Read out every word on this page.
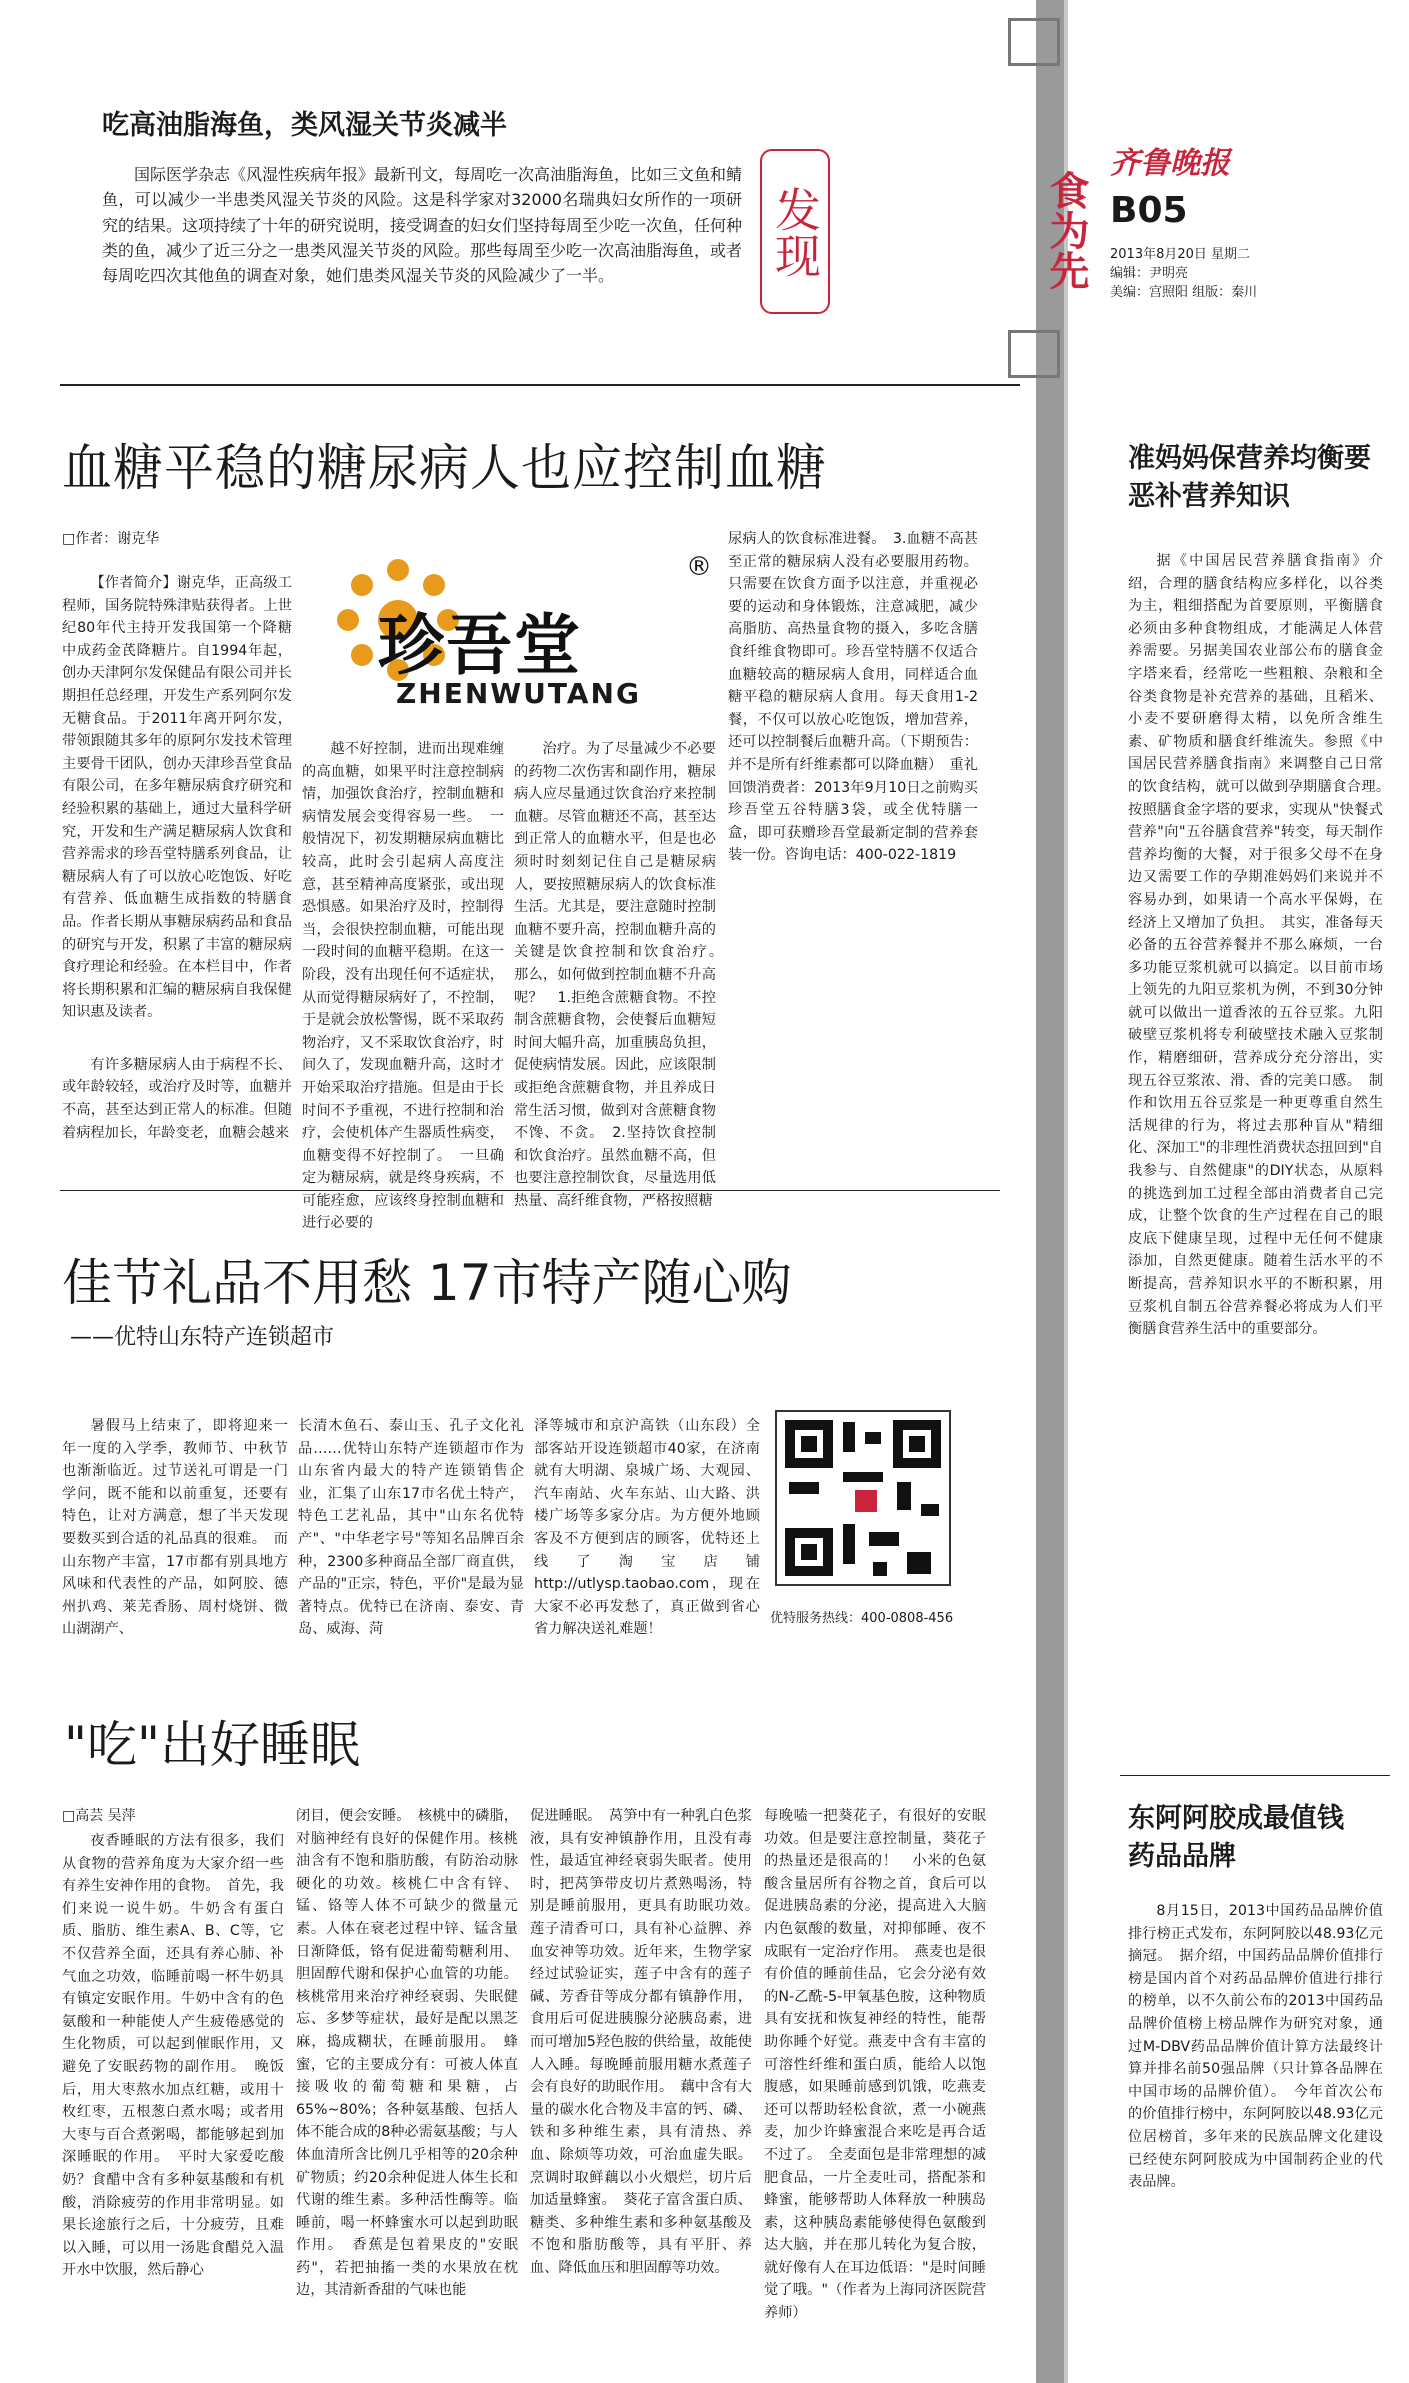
食为先
齐鲁晚报
B05
2013年8月20日 星期二
编辑：尹明亮
美编：宫照阳 组版：秦川
吃高油脂海鱼，类风湿关节炎减半
发现

国际医学杂志《风湿性疾病年报》最新刊文，每周吃一次高油脂海鱼，比如三文鱼和鲭鱼，可以减少一半患类风湿关节炎的风险。这是科学家对32000名瑞典妇女所作的一项研究的结果。这项持续了十年的研究说明，接受调查的妇女们坚持每周至少吃一次鱼，任何种类的鱼，减少了近三分之一患类风湿关节炎的风险。那些每周至少吃一次高油脂海鱼，或者每周吃四次其他鱼的调查对象，她们患类风湿关节炎的风险减少了一半。

血糖平稳的糖尿病人也应控制血糖
□作者：谢克华
珍吾堂
ZHENWUTANG
®

【作者简介】谢克华，正高级工程师，国务院特殊津贴获得者。上世纪80年代主持开发我国第一个降糖中成药金芪降糖片。自1994年起，创办天津阿尔发保健品有限公司并长期担任总经理，开发生产系列阿尔发无糖食品。于2011年离开阿尔发，带领跟随其多年的原阿尔发技术管理主要骨干团队，创办天津珍吾堂食品有限公司，在多年糖尿病食疗研究和经验积累的基础上，通过大量科学研究，开发和生产满足糖尿病人饮食和营养需求的珍吾堂特膳系列食品，让糖尿病人有了可以放心吃饱饭、好吃有营养、低血糖生成指数的特膳食品。作者长期从事糖尿病药品和食品的研究与开发，积累了丰富的糖尿病食疗理论和经验。在本栏目中，作者将长期积累和汇编的糖尿病自我保健知识惠及读者。

有许多糖尿病人由于病程不长、或年龄较轻，或治疗及时等，血糖并不高，甚至达到正常人的标准。但随着病程加长，年龄变老，血糖会越来

越不好控制，进而出现难缠的高血糖，如果平时注意控制病情，加强饮食治疗，控制血糖和病情发展会变得容易一些。　一般情况下，初发期糖尿病血糖比较高，此时会引起病人高度注意，甚至精神高度紧张，或出现恐惧感。如果治疗及时，控制得当，会很快控制血糖，可能出现一段时间的血糖平稳期。在这一阶段，没有出现任何不适症状，从而觉得糖尿病好了，不控制，于是就会放松警惕，既不采取药物治疗，又不采取饮食治疗，时间久了，发现血糖升高，这时才开始采取治疗措施。但是由于长时间不予重视，不进行控制和治疗，会使机体产生器质性病变，血糖变得不好控制了。　一旦确定为糖尿病，就是终身疾病，不可能痊愈，应该终身控制血糖和进行必要的

治疗。为了尽量减少不必要的药物二次伤害和副作用，糖尿病人应尽量通过饮食治疗来控制血糖。尽管血糖还不高，甚至达到正常人的血糖水平，但是也必须时时刻刻记住自己是糖尿病人，要按照糖尿病人的饮食标准生活。尤其是，要注意随时控制血糖不要升高，控制血糖升高的关键是饮食控制和饮食治疗。　那么，如何做到控制血糖不升高呢？　1.拒绝含蔗糖食物。不控制含蔗糖食物，会使餐后血糖短时间大幅升高，加重胰岛负担，促使病情发展。因此，应该限制或拒绝含蔗糖食物，并且养成日常生活习惯，做到对含蔗糖食物不馋、不贪。　2.坚持饮食控制和饮食治疗。虽然血糖不高，但也要注意控制饮食，尽量选用低热量、高纤维食物，严格按照糖

尿病人的饮食标准进餐。　3.血糖不高甚至正常的糖尿病人没有必要服用药物。只需要在饮食方面予以注意，并重视必要的运动和身体锻炼，注意减肥，减少高脂肪、高热量食物的摄入，多吃含膳食纤维食物即可。珍吾堂特膳不仅适合血糖较高的糖尿病人食用，同样适合血糖平稳的糖尿病人食用。每天食用1-2餐，不仅可以放心吃饱饭，增加营养，还可以控制餐后血糖升高。（下期预告：并不是所有纤维素都可以降血糖）　重礼回馈消费者：2013年9月10日之前购买珍吾堂五谷特膳3袋，或全优特膳一盒，即可获赠珍吾堂最新定制的营养套装一份。咨询电话：400-022-1819

佳节礼品不用愁 17市特产随心购
——优特山东特产连锁超市

暑假马上结束了，即将迎来一年一度的入学季，教师节、中秋节也渐渐临近。过节送礼可谓是一门学问，既不能和以前重复，还要有特色，让对方满意，想了半天发现要数买到合适的礼品真的很难。　而山东物产丰富，17市都有别具地方风味和代表性的产品，如阿胶、德州扒鸡、莱芜香肠、周村烧饼、微山湖湖产、

长清木鱼石、泰山玉、孔子文化礼品……优特山东特产连锁超市作为山东省内最大的特产连锁销售企业，汇集了山东17市名优土特产，特色工艺礼品，其中"山东名优特产"、"中华老字号"等知名品牌百余种，2300多种商品全部厂商直供，产品的"正宗，特色，平价"是最为显著特点。优特已在济南、泰安、青岛、威海、菏

泽等城市和京沪高铁（山东段）全部客站开设连锁超市40家，在济南就有大明湖、泉城广场、大观园、汽车南站、火车东站、山大路、洪楼广场等多家分店。为方便外地顾客及不方便到店的顾客，优特还上线了淘宝店铺http://utlysp.taobao.com，现在大家不必再发愁了，真正做到省心省力解决送礼难题！

优特服务热线：400-0808-456
"吃"出好睡眠
□高芸 吴萍

夜香睡眠的方法有很多，我们从食物的营养角度为大家介绍一些有养生安神作用的食物。　首先，我们来说一说牛奶。牛奶含有蛋白质、脂肪、维生素A、B、C等，它不仅营养全面，还具有养心肺、补气血之功效，临睡前喝一杯牛奶具有镇定安眠作用。牛奶中含有的色氨酸和一种能使人产生疲倦感觉的生化物质，可以起到催眠作用，又避免了安眠药物的副作用。　晚饭后，用大枣熬水加点红糖，或用十枚红枣，五根葱白煮水喝；或者用大枣与百合煮粥喝，都能够起到加深睡眠的作用。　平时大家爱吃酸奶？食醋中含有多种氨基酸和有机酸，消除疲劳的作用非常明显。如果长途旅行之后，十分疲劳，且难以入睡，可以用一汤匙食醋兑入温开水中饮服，然后静心

闭目，便会安睡。　核桃中的磷脂，对脑神经有良好的保健作用。核桃油含有不饱和脂肪酸，有防治动脉硬化的功效。核桃仁中含有锌、锰、铬等人体不可缺少的微量元素。人体在衰老过程中锌、锰含量日渐降低，铬有促进葡萄糖利用、胆固醇代谢和保护心血管的功能。核桃常用来治疗神经衰弱、失眠健忘、多梦等症状，最好是配以黑芝麻，捣成糊状，在睡前服用。　蜂蜜，它的主要成分有：可被人体直接吸收的葡萄糖和果糖，占65%~80%；各种氨基酸、包括人体不能合成的8种必需氨基酸；与人体血清所含比例几乎相等的20余种矿物质；约20余种促进人体生长和代谢的维生素。多种活性酶等。临睡前，喝一杯蜂蜜水可以起到助眠作用。　香蕉是包着果皮的"安眠药"，若把抽搐一类的水果放在枕边，其清新香甜的气味也能

促进睡眠。　莴笋中有一种乳白色浆液，具有安神镇静作用，且没有毒性，最适宜神经衰弱失眠者。使用时，把莴笋带皮切片煮熟喝汤，特别是睡前服用，更具有助眠功效。　莲子清香可口，具有补心益脾、养血安神等功效。近年来，生物学家经过试验证实，莲子中含有的莲子碱、芳香苷等成分都有镇静作用，食用后可促进胰腺分泌胰岛素，进而可增加5羟色胺的供给量，故能使人入睡。每晚睡前服用糖水煮莲子会有良好的助眠作用。　藕中含有大量的碳水化合物及丰富的钙、磷、铁和多种维生素，具有清热、养血、除烦等功效，可治血虚失眠。烹调时取鲜藕以小火煨烂，切片后加适量蜂蜜。　葵花子富含蛋白质、糖类、多种维生素和多种氨基酸及不饱和脂肪酸等，具有平肝、养血、降低血压和胆固醇等功效。

每晚嗑一把葵花子，有很好的安眠功效。但是要注意控制量，葵花子的热量还是很高的！　小米的色氨酸含量居所有谷物之首，食后可以促进胰岛素的分泌，提高进入大脑内色氨酸的数量，对抑郁睡、夜不成眠有一定治疗作用。　燕麦也是很有价值的睡前佳品，它会分泌有效的N-乙酰-5-甲氧基色胺，这种物质具有安抚和恢复神经的特性，能帮助你睡个好觉。燕麦中含有丰富的可溶性纤维和蛋白质，能给人以饱腹感，如果睡前感到饥饿，吃燕麦还可以帮助轻松食欲，煮一小碗燕麦，加少许蜂蜜混合来吃是再合适不过了。　全麦面包是非常理想的减肥食品，一片全麦吐司，搭配茶和蜂蜜，能够帮助人体释放一种胰岛素，这种胰岛素能够使得色氨酸到达大脑，并在那儿转化为复合胺，就好像有人在耳边低语："是时间睡觉了哦。"（作者为上海同济医院营养师）

准妈妈保营养均衡要恶补营养知识

据《中国居民营养膳食指南》介绍，合理的膳食结构应多样化，以谷类为主，粗细搭配为首要原则，平衡膳食必须由多种食物组成，才能满足人体营养需要。另据美国农业部公布的膳食金字塔来看，经常吃一些粗粮、杂粮和全谷类食物是补充营养的基础，且稻米、小麦不要研磨得太精，以免所含维生素、矿物质和膳食纤维流失。参照《中国居民营养膳食指南》来调整自己日常的饮食结构，就可以做到孕期膳食合理。　按照膳食金字塔的要求，实现从"快餐式营养"向"五谷膳食营养"转变，每天制作营养均衡的大餐，对于很多父母不在身边又需要工作的孕期准妈妈们来说并不容易办到，如果请一个高水平保姆，在经济上又增加了负担。　其实，准备每天必备的五谷营养餐并不那么麻烦，一台多功能豆浆机就可以搞定。以目前市场上领先的九阳豆浆机为例，不到30分钟就可以做出一道香浓的五谷豆浆。九阳破壁豆浆机将专利破壁技术融入豆浆制作，精磨细研，营养成分充分溶出，实现五谷豆浆浓、滑、香的完美口感。　制作和饮用五谷豆浆是一种更尊重自然生活规律的行为，将过去那种盲从"精细化、深加工"的非理性消费状态扭回到"自我参与、自然健康"的DIY状态，从原料的挑选到加工过程全部由消费者自己完成，让整个饮食的生产过程在自己的眼皮底下健康呈现，过程中无任何不健康添加，自然更健康。随着生活水平的不断提高，营养知识水平的不断积累，用豆浆机自制五谷营养餐必将成为人们平衡膳食营养生活中的重要部分。

东阿阿胶成最值钱药品品牌

8月15日，2013中国药品品牌价值排行榜正式发布，东阿阿胶以48.93亿元摘冠。　据介绍，中国药品品牌价值排行榜是国内首个对药品品牌价值进行排行的榜单，以不久前公布的2013中国药品品牌价值榜上榜品牌作为研究对象，通过M-DBV药品品牌价值计算方法最终计算并排名前50强品牌（只计算各品牌在中国市场的品牌价值）。　今年首次公布的价值排行榜中，东阿阿胶以48.93亿元位居榜首，多年来的民族品牌文化建设已经使东阿阿胶成为中国制药企业的代表品牌。
